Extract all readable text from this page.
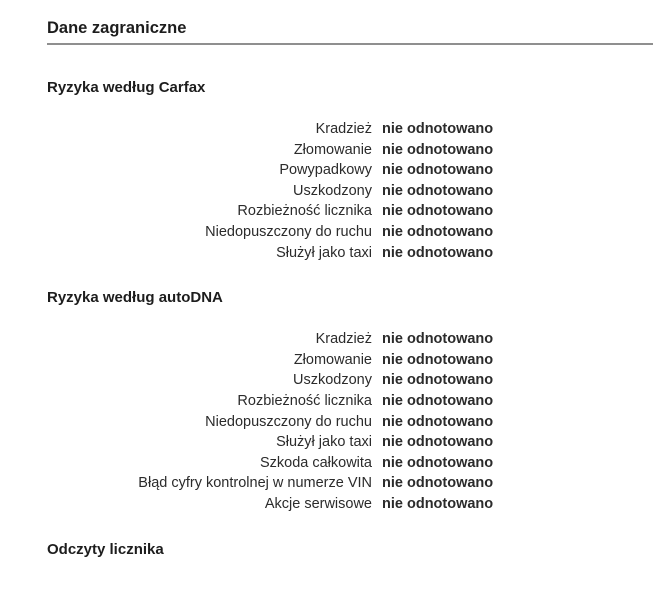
Dane zagraniczne
Ryzyka według Carfax
Kradzież nie odnotowano
Złomowanie nie odnotowano
Powypadkowy nie odnotowano
Uszkodzony nie odnotowano
Rozbieżność licznika nie odnotowano
Niedopuszczony do ruchu nie odnotowano
Służył jako taxi nie odnotowano
Ryzyka według autoDNA
Kradzież nie odnotowano
Złomowanie nie odnotowano
Uszkodzony nie odnotowano
Rozbieżność licznika nie odnotowano
Niedopuszczony do ruchu nie odnotowano
Służył jako taxi nie odnotowano
Szkoda całkowita nie odnotowano
Błąd cyfry kontrolnej w numerze VIN nie odnotowano
Akcje serwisowe nie odnotowano
Odczyty licznika
